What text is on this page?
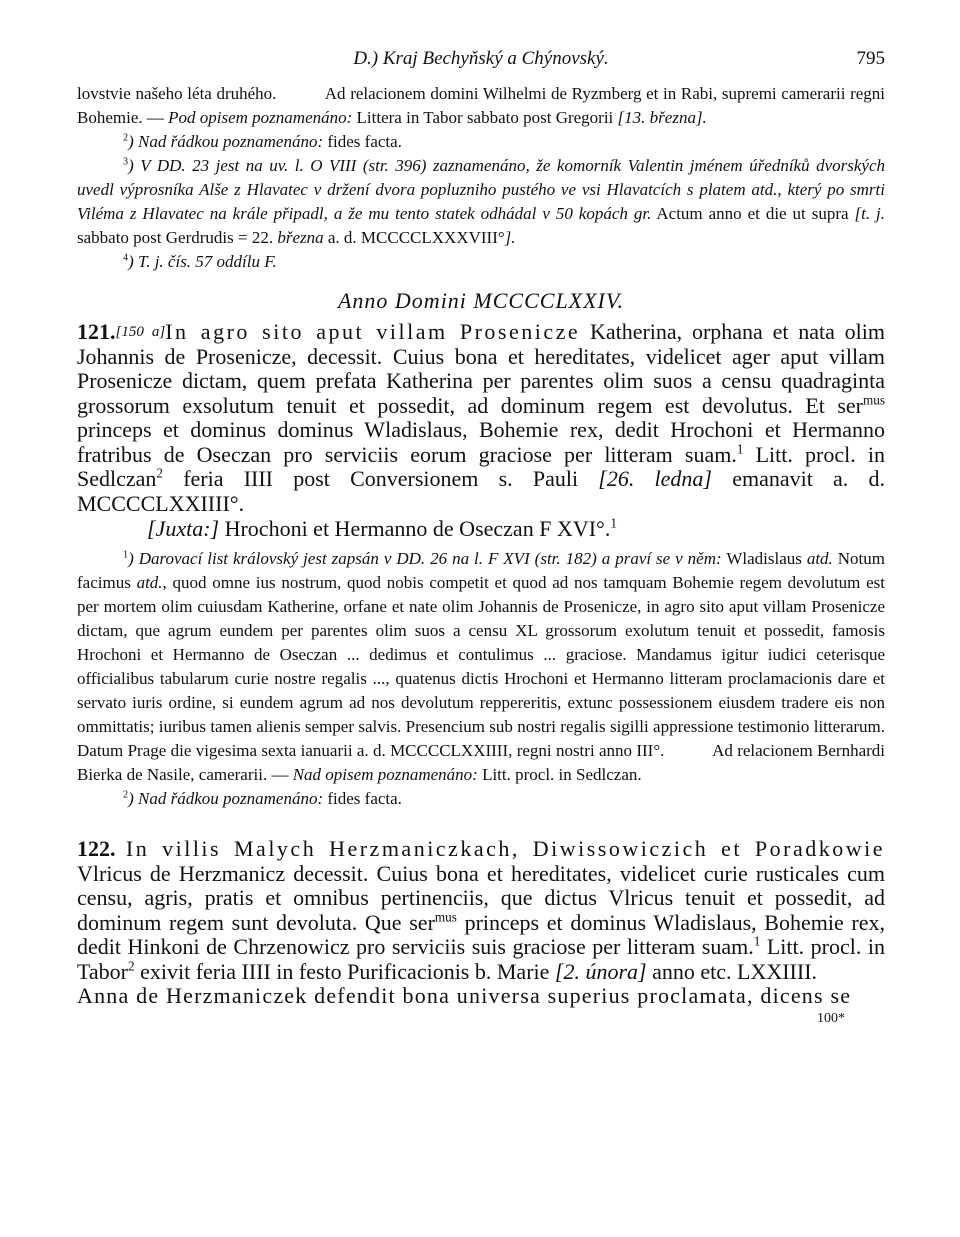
D.) Kraj Bechyňský a Chýnovský.	795

lovstvie našeho léta druhého.	Ad relacionem domini Wilhelmi de Ryzmberg et in Rabi, supremi camerarii regni Bohemie. — Pod opisem poznamenáno: Littera in Tabor sabbato post Gregorii [13. března].

$^2$) Nad řádkou poznamenáno: fides facta.

$^3$) V DD. 23 jest na uv. l. O VIII (str. 396) zaznamenáno, že komorník Valentin jménem úředníků dvorských uvedl výprosníka Alše z Hlavatec v držení dvora popluzniho pustého ve vsi Hlavatcích s platem atd., který po smrti Viléma z Hlavatec na krále připadl, a že mu tento statek odhádal v 50 kopách gr. Actum anno et die ut supra [t. j. sabbato post Gerdrudis = 22. března a. d. MCCCCLXXXVIII°].

$^4$) T. j. čís. 57 oddílu F.

Anno Domini MCCCCLXXIV.

121.[150 a]In agro sito aput villam Prosenicze Katherina, orphana et nata olim Johannis de Prosenicze, decessit. Cuius bona et hereditates, videlicet ager aput villam Prosenicze dictam, quem prefata Katherina per parentes olim suos a censu quadraginta grossorum exsolutum tenuit et possedit, ad dominum regem est devolutus. Et ser$^{mus}$ princeps et dominus dominus Wladislaus, Bohemie rex, dedit Hrochoni et Hermanno fratribus de Oseczan pro serviciis eorum graciose per litteram suam.$^1$ Litt. procl. in Sedlczan$^2$ feria IIII post Conversionem s. Pauli [26. ledna] emanavit a. d. MCCCCLXXIIII°.

[Juxta:] Hrochoni et Hermanno de Oseczan F XVI°.$^1$

$^1$) Darovací list královský jest zapsán v DD. 26 na l. F XVI (str. 182) a praví se v něm: Wladislaus atd. Notum facimus atd., quod omne ius nostrum, quod nobis competit et quod ad nos tamquam Bohemie regem devolutum est per mortem olim cuiusdam Katherine, orfane et nate olim Johannis de Prosenicze, in agro sito aput villam Prosenicze dictam, que agrum eundem per parentes olim suos a censu XL grossorum exolutum tenuit et possedit, famosis Hrochoni et Hermanno de Oseczan ... dedimus et contulimus ... graciose. Mandamus igitur iudici ceterisque officialibus tabularum curie nostre regalis ..., quatenus dictis Hrochoni et Hermanno litteram proclamacionis dare et servato iuris ordine, si eundem agrum ad nos devolutum reppereritis, extunc possessionem eiusdem tradere eis non ommittatis; iuribus tamen alienis semper salvis. Presencium sub nostri regalis sigilli appressione testimonio litterarum. Datum Prage die vigesima sexta ianuarii a. d. MCCCCLXXIIII, regni nostri anno III°.	Ad relacionem Bernhardi Bierka de Nasile, camerarii. — Nad opisem poznamenáno: Litt. procl. in Sedlczan.

$^2$) Nad řádkou poznamenáno: fides facta.

122. In villis Malych Herzmaniczkach, Diwissowiczich et Poradkowie Vlricus de Herzmanicz decessit. Cuius bona et hereditates, videlicet curie rusticales cum censu, agris, pratis et omnibus pertinenciis, que dictus Vlricus tenuit et possedit, ad dominum regem sunt devoluta. Que ser$^{mus}$ princeps et dominus Wladislaus, Bohemie rex, dedit Hinkoni de Chrzenowicz pro serviciis suis graciose per litteram suam.$^1$ Litt. procl. in Tabor$^2$ exivit feria IIII in festo Purificacionis b. Marie [2. února] anno etc. LXXIIII.
Anna de Herzmaniczek defendit bona universa superius proclamata, dicens se

100*
